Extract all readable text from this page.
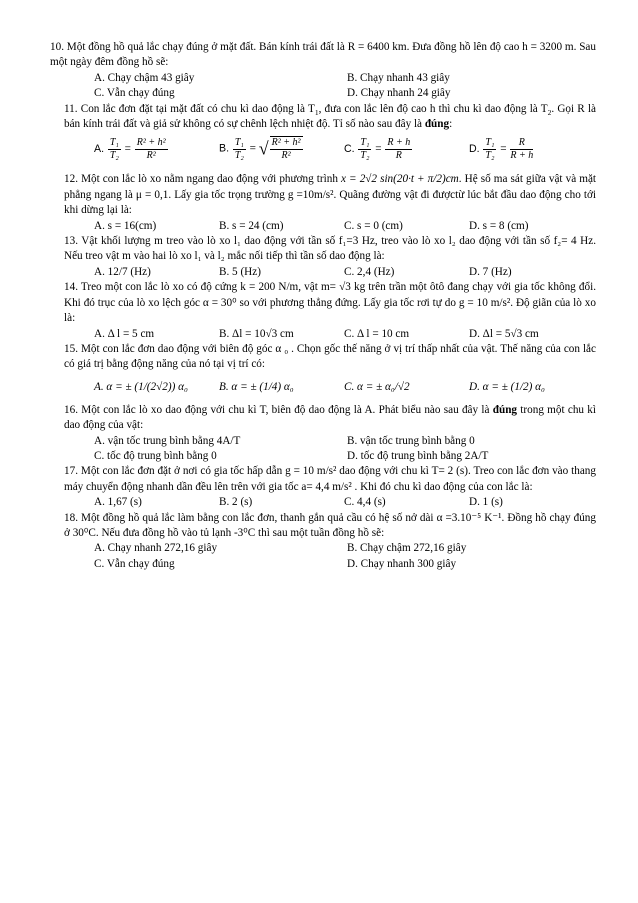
10. Một đồng hồ quả lắc chạy đúng ở mặt đất. Bán kính trái đất là R = 6400 km. Đưa đồng hồ lên độ cao h = 3200 m. Sau một ngày đêm đồng hồ sẽ:
A. Chạy chậm 43 giây	B. Chạy nhanh 43 giây
C. Vẫn chạy đúng	D. Chạy nhanh 24 giây
11. Con lắc đơn đặt tại mặt đất có chu kì dao động là $T_1$, đưa con lắc lên độ cao h thì chu kì dao động là $T_2$. Gọi R là bán kính trái đất và giả sử không có sự chênh lệch nhiệt độ. Tỉ số nào sau đây là đúng:
A. $\frac{\text{T₁}}{\text{T₂}} = \frac{\text{R² + h²}}{\text{R²}}$	B. $\frac{\text{T₁}}{\text{T₂}}$ = √ $\frac{\text{R² + h²}}{\text{R²}}$	C. $\frac{\text{T₁}}{\text{T₂}} = \frac{R + h}{R}$	D. $\frac{\text{T₁}}{\text{T₂}} = \frac{R}{R + h}$
12. Một con lắc lò xo nằm ngang dao động với phương trình x = 2√2 sin(20·t + π/2)cm. Hệ số ma sát giữa vật và mặt phẳng ngang là μ = 0,1. Lấy gia tốc trọng trường g =10m/s². Quãng đường vật đi đượctừ lúc bắt đầu dao động cho tới khi dừng lại là:
A. s = 16(cm)	B. s = 24 (cm)	C. s = 0 (cm)	D. s = 8 (cm)
13. Vật khối lượng m treo vào lò xo l₁ dao động với tần số f₁=3 Hz, treo vào lò xo l₂ dao động với tần số f₂= 4 Hz. Nếu treo vật m vào hai lò xo l₁ và l₂ mắc nối tiếp thì tần số dao động là:
A. 12/7 (Hz)	B. 5 (Hz)	C. 2,4 (Hz)	D. 7 (Hz)
14. Treo một con lắc lò xo có độ cứng k = 200 N/m, vật m= √3 kg trên trần một ôtô đang chạy với gia tốc không đổi. Khi đó trục của lò xo lệch góc α = 30⁰ so với phương thẳng đứng. Lấy gia tốc rơi tự do g = 10 m/s². Độ giãn của lò xo là:
A. Δ l = 5 cm	B. Δl = 10√3 cm	C. Δ l = 10 cm	D. Δl = 5√3 cm
15. Một con lắc đơn dao động với biên độ góc α ₀ . Chọn gốc thế năng ở vị trí thấp nhất của vật. Thế năng của con lắc có giá trị bằng động năng của nó tại vị trí có:
A. α = ± (1/(2√2)) α₀	B. α = ± (1/4) α₀	C. α = ± α₀/√2	D. α = ± (1/2) α₀
16. Một con lắc lò xo dao động với chu kì T, biên độ dao động là A. Phát biểu nào sau đây là đúng trong một chu kì dao động của vật:
A. vận tốc trung bình bằng 4A/T	B. vận tốc trung bình bằng 0
C. tốc độ trung bình bằng 0	D. tốc độ trung bình bằng 2A/T
17. Một con lắc đơn đặt ở nơi có gia tốc hấp dẫn g = 10 m/s² dao động với chu kì T= 2 (s). Treo con lắc đơn vào thang máy chuyển động nhanh dần đều lên trên với gia tốc a= 4,4 m/s² . Khi đó chu kì dao động của con lắc là:
A. 1,67 (s)	B. 2 (s)	C. 4,4 (s)	D. 1 (s)
18. Một đồng hồ quả lắc làm bằng con lắc đơn, thanh gắn quả cầu có hệ số nở dài α =3.10⁻⁵ K⁻¹. Đồng hồ chạy đúng ở 30⁰C. Nếu đưa đồng hồ vào tủ lạnh -3⁰C thì sau một tuần đồng hồ sẽ:
A. Chạy nhanh 272,16 giây	B. Chạy chậm 272,16 giây
C. Vẫn chạy đúng	D. Chạy nhanh 300 giây
